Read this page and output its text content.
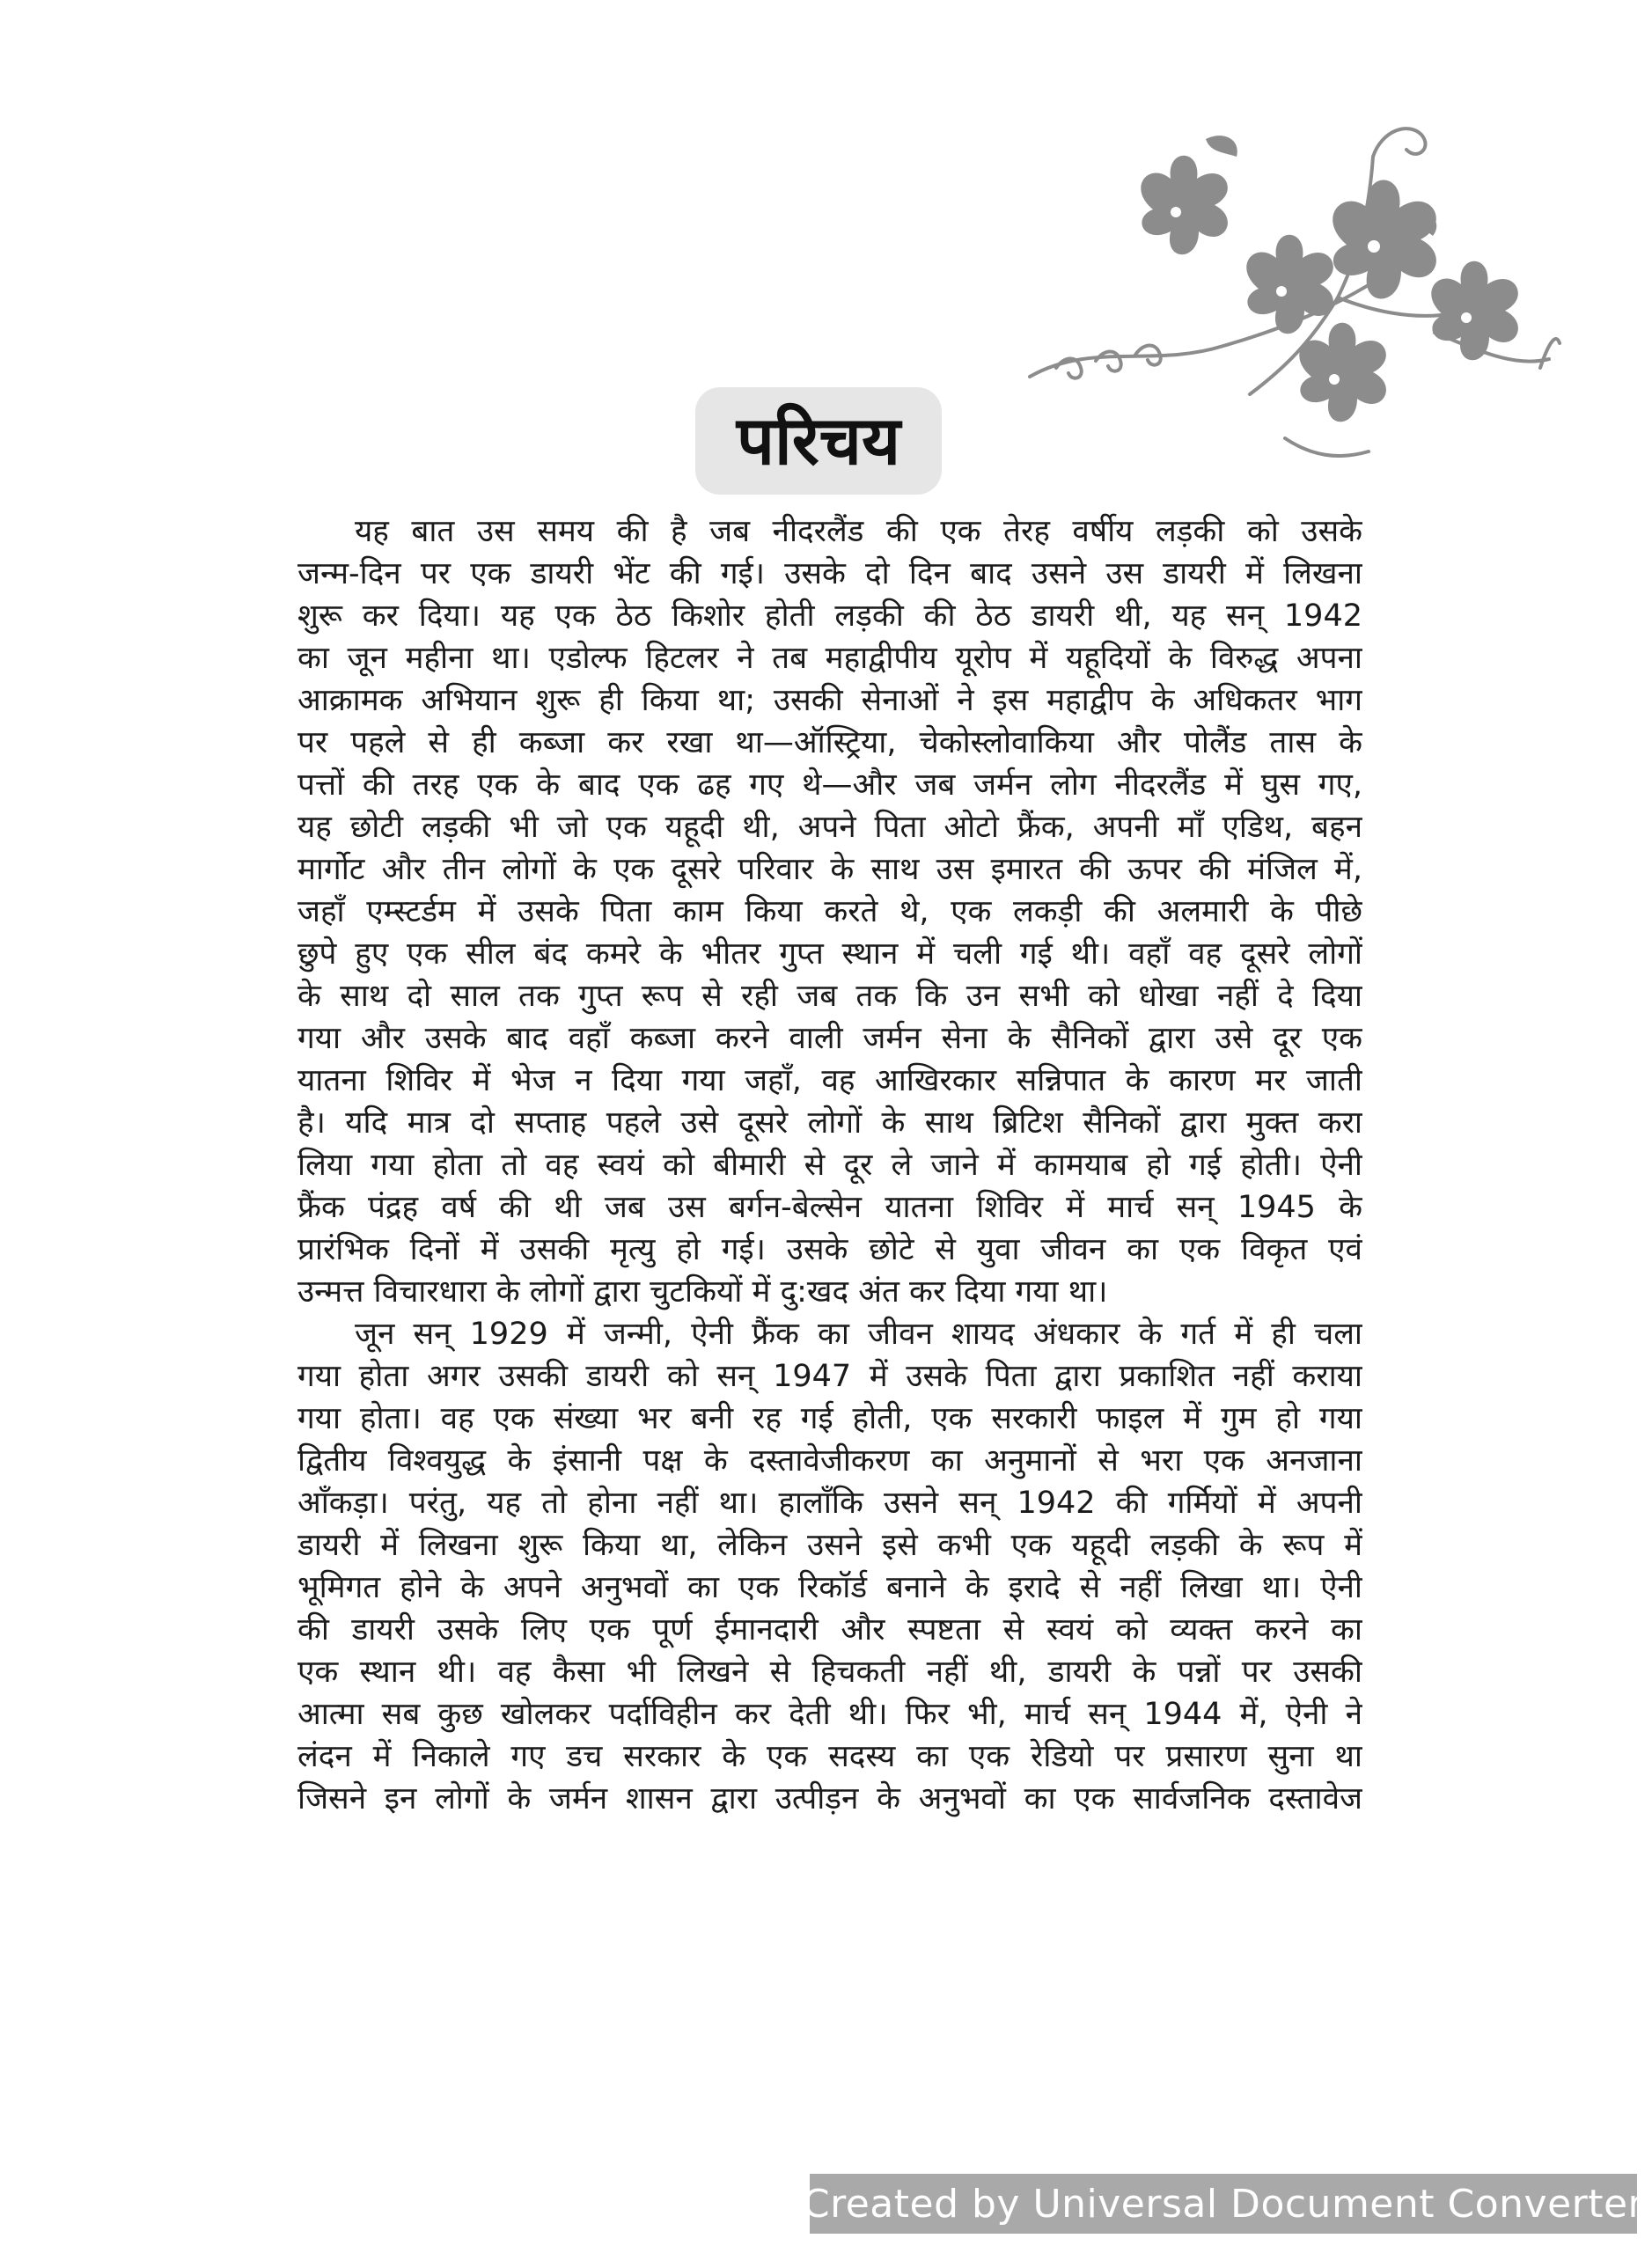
परिचय
यह बात उस समय की है जब नीदरलैंड की एक तेरह वर्षीय लड़की को उसके
जन्म-दिन पर एक डायरी भेंट की गई। उसके दो दिन बाद उसने उस डायरी में लिखना
शुरू कर दिया। यह एक ठेठ किशोर होती लड़की की ठेठ डायरी थी, यह सन् 1942
का जून महीना था। एडोल्फ हिटलर ने तब महाद्वीपीय यूरोप में यहूदियों के विरुद्ध अपना
आक्रामक अभियान शुरू ही किया था; उसकी सेनाओं ने इस महाद्वीप के अधिकतर भाग
पर पहले से ही कब्जा कर रखा था—ऑस्ट्रिया, चेकोस्लोवाकिया और पोलैंड तास के
पत्तों की तरह एक के बाद एक ढह गए थे—और जब जर्मन लोग नीदरलैंड में घुस गए,
यह छोटी लड़की भी जो एक यहूदी थी, अपने पिता ओटो फ्रैंक, अपनी माँ एडिथ, बहन
मार्गोट और तीन लोगों के एक दूसरे परिवार के साथ उस इमारत की ऊपर की मंजिल में,
जहाँ एम्स्टर्डम में उसके पिता काम किया करते थे, एक लकड़ी की अलमारी के पीछे
छुपे हुए एक सील बंद कमरे के भीतर गुप्त स्थान में चली गई थी। वहाँ वह दूसरे लोगों
के साथ दो साल तक गुप्त रूप से रही जब तक कि उन सभी को धोखा नहीं दे दिया
गया और उसके बाद वहाँ कब्जा करने वाली जर्मन सेना के सैनिकों द्वारा उसे दूर एक
यातना शिविर में भेज न दिया गया जहाँ, वह आखिरकार सन्निपात के कारण मर जाती
है। यदि मात्र दो सप्ताह पहले उसे दूसरे लोगों के साथ ब्रिटिश सैनिकों द्वारा मुक्त करा
लिया गया होता तो वह स्वयं को बीमारी से दूर ले जाने में कामयाब हो गई होती। ऐनी
फ्रैंक पंद्रह वर्ष की थी जब उस बर्गन-बेल्सेन यातना शिविर में मार्च सन् 1945 के
प्रारंभिक दिनों में उसकी मृत्यु हो गई। उसके छोटे से युवा जीवन का एक विकृत एवं
उन्मत्त विचारधारा के लोगों द्वारा चुटकियों में दु:खद अंत कर दिया गया था।
जून सन् 1929 में जन्मी, ऐनी फ्रैंक का जीवन शायद अंधकार के गर्त में ही चला
गया होता अगर उसकी डायरी को सन् 1947 में उसके पिता द्वारा प्रकाशित नहीं कराया
गया होता। वह एक संख्या भर बनी रह गई होती, एक सरकारी फाइल में गुम हो गया
द्वितीय विश्वयुद्ध के इंसानी पक्ष के दस्तावेजीकरण का अनुमानों से भरा एक अनजाना
आँकड़ा। परंतु, यह तो होना नहीं था। हालाँकि उसने सन् 1942 की गर्मियों में अपनी
डायरी में लिखना शुरू किया था, लेकिन उसने इसे कभी एक यहूदी लड़की के रूप में
भूमिगत होने के अपने अनुभवों का एक रिकॉर्ड बनाने के इरादे से नहीं लिखा था। ऐनी
की डायरी उसके लिए एक पूर्ण ईमानदारी और स्पष्टता से स्वयं को व्यक्त करने का
एक स्थान थी। वह कैसा भी लिखने से हिचकती नहीं थी, डायरी के पन्नों पर उसकी
आत्मा सब कुछ खोलकर पर्दाविहीन कर देती थी। फिर भी, मार्च सन् 1944 में, ऐनी ने
लंदन में निकाले गए डच सरकार के एक सदस्य का एक रेडियो पर प्रसारण सुना था
जिसने इन लोगों के जर्मन शासन द्वारा उत्पीड़न के अनुभवों का एक सार्वजनिक दस्तावेज
Created by Universal Document Converter
